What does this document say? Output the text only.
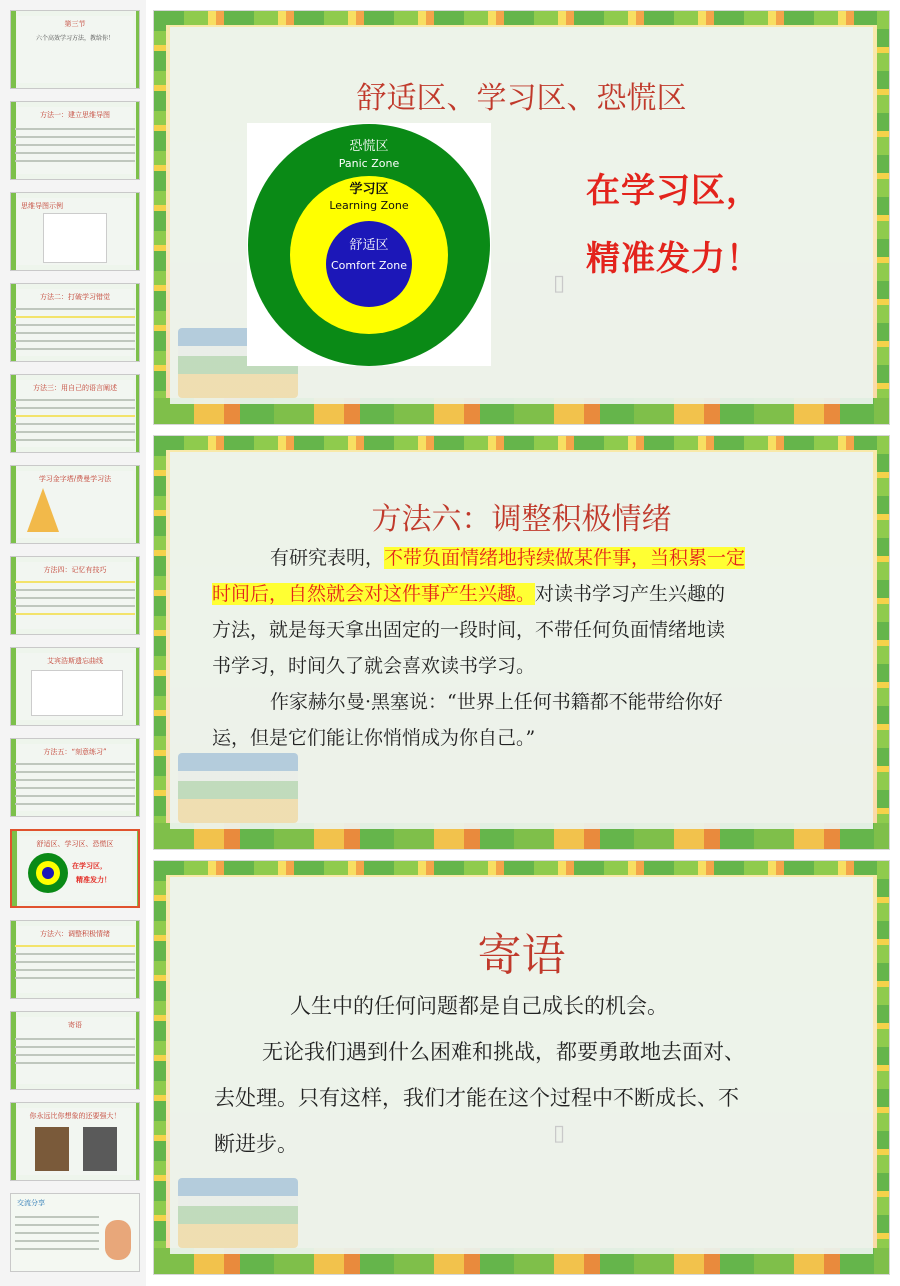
第三节
六个高效学习方法，教给你！
方法一：建立思维导图
思维导图示例
方法二：打破学习错觉
方法三：用自己的语言阐述
学习金字塔/费曼学习法
方法四：记忆有技巧
艾宾浩斯遗忘曲线
方法五：“刻意练习”
舒适区、学习区、恐慌区
在学习区，
精准发力！
方法六：调整积极情绪
寄语
你永远比你想象的还要强大！
交流分享
▯
舒适区、学习区、恐慌区
恐慌区
Panic Zone
学习区
Learning Zone
舒适区
Comfort Zone
在学习区，
精准发力！
方法六：调整积极情绪
有研究表明，不带负面情绪地持续做某件事，当积累一定
时间后，自然就会对这件事产生兴趣。对读书学习产生兴趣的
方法，就是每天拿出固定的一段时间，不带任何负面情绪地读
书学习，时间久了就会喜欢读书学习。
作家赫尔曼·黑塞说：“世界上任何书籍都不能带给你好
运，但是它们能让你悄悄成为你自己。”
▯
寄语
人生中的任何问题都是自己成长的机会。
无论我们遇到什么困难和挑战，都要勇敢地去面对、
去处理。只有这样，我们才能在这个过程中不断成长、不
断进步。
